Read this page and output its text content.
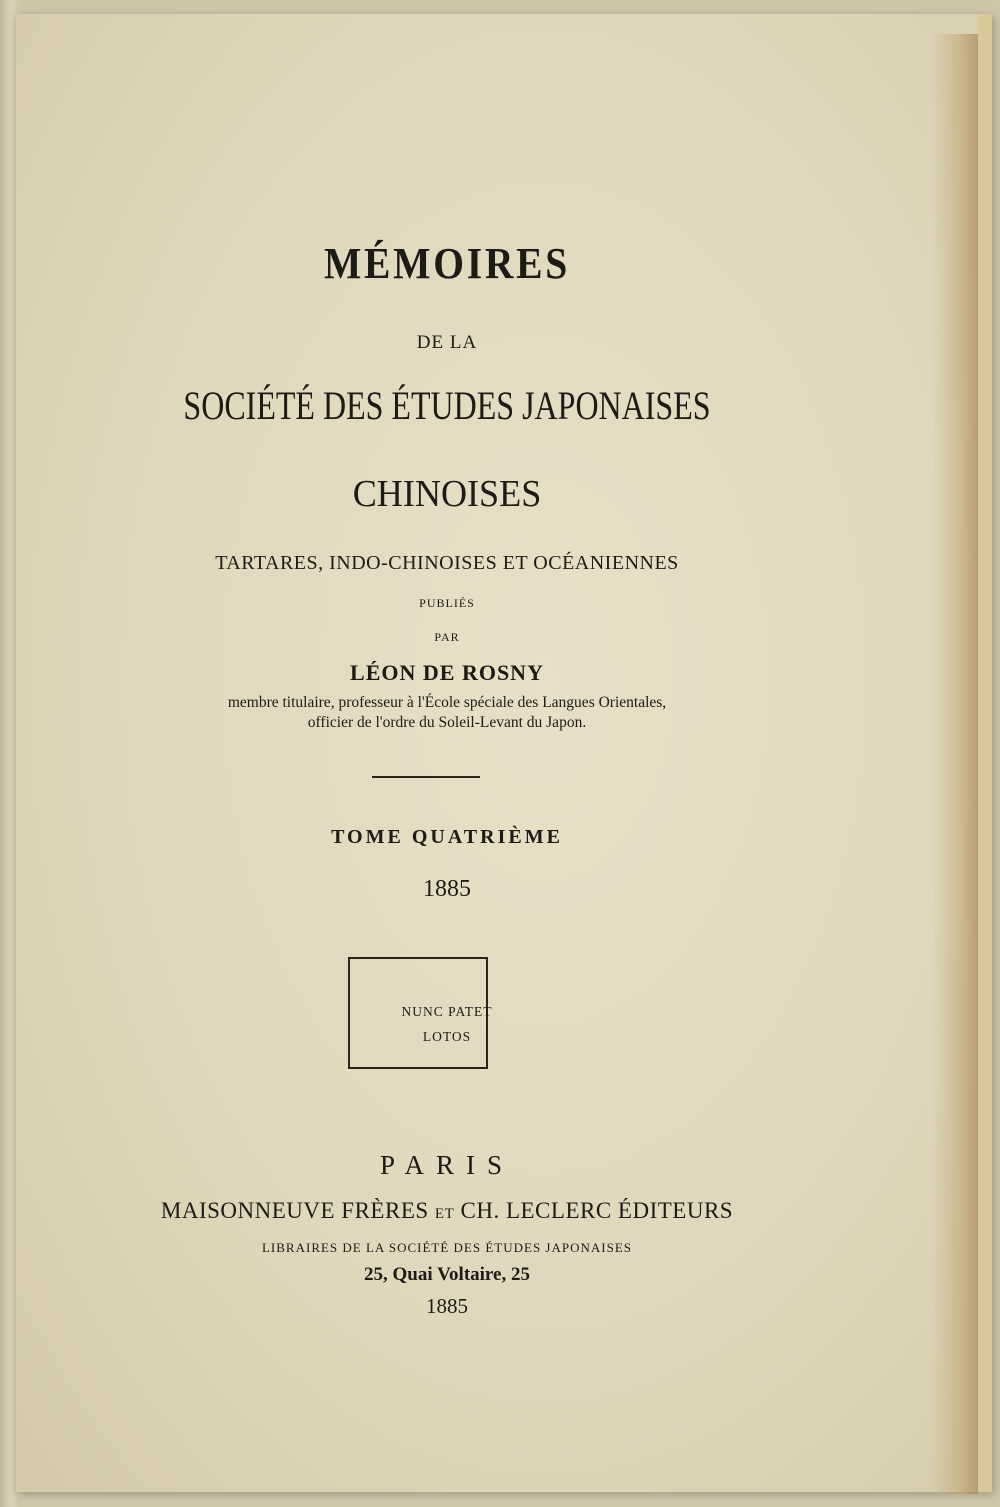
MÉMOIRES
DE LA
SOCIÉTÉ DES ÉTUDES JAPONAISES
CHINOISES
TARTARES, INDO-CHINOISES ET OCÉANIENNES
PUBLIÉS
PAR
LÉON DE ROSNY
membre titulaire, professeur à l'École spéciale des Langues Orientales,
officier de l'ordre du Soleil-Levant du Japon.
TOME QUATRIÈME
1885
NUNC PATET
LOTOS
PARIS
MAISONNEUVE FRÈRES ET CH. LECLERC ÉDITEURS
LIBRAIRES DE LA SOCIÉTÉ DES ÉTUDES JAPONAISES
25, Quai Voltaire, 25
1885
